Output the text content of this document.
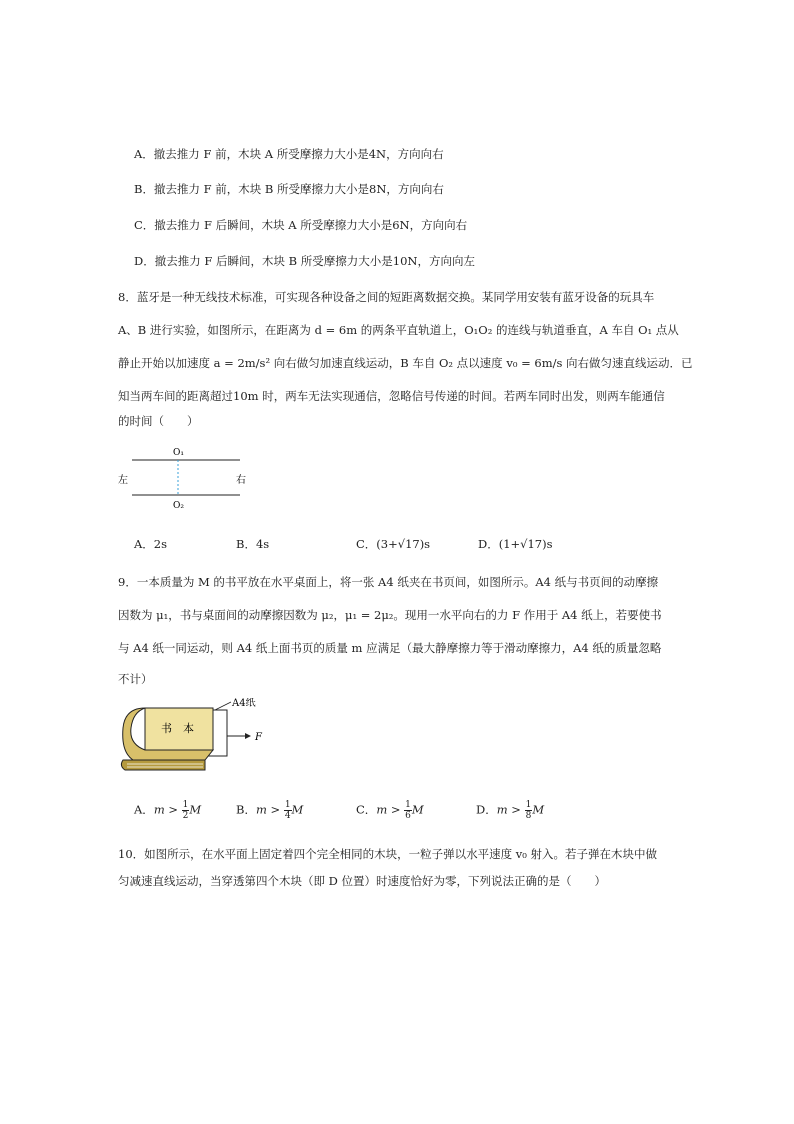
A．撤去推力 F 前，木块 A 所受摩擦力大小是4N，方向向右
B．撤去推力 F 前，木块 B 所受摩擦力大小是8N，方向向右
C．撤去推力 F 后瞬间，木块 A 所受摩擦力大小是6N，方向向右
D．撤去推力 F 后瞬间，木块 B 所受摩擦力大小是10N，方向向左
8．蓝牙是一种无线技术标准，可实现各种设备之间的短距离数据交换。某同学用安装有蓝牙设备的玩具车
A、B 进行实验，如图所示，在距离为 d = 6m 的两条平直轨道上，O₁O₂ 的连线与轨道垂直，A 车自 O₁ 点从
静止开始以加速度 a = 2m/s² 向右做匀加速直线运动，B 车自 O₂ 点以速度 v₀ = 6m/s 向右做匀速直线运动．已
知当两车间的距离超过10m 时，两车无法实现通信，忽略信号传递的时间。若两车同时出发，则两车能通信
的时间（　　）
O₁
O₂
左	右
A．2s	B．4s	C．(3+√17)s	D．(1+√17)s
9．一本质量为 M 的书平放在水平桌面上，将一张 A4 纸夹在书页间，如图所示。A4 纸与书页间的动摩擦
因数为 μ₁，书与桌面间的动摩擦因数为 μ₂，μ₁ = 2μ₂。现用一水平向右的力 F 作用于 A4 纸上，若要使书
与 A4 纸一同运动，则 A4 纸上面书页的质量 m 应满足（最大静摩擦力等于滑动摩擦力，A4 纸的质量忽略
不计）
书　本
A4纸
F
A．$m > \frac{1}{2}$ M	B．$m > \frac{1}{4}$ M	C．$m > \frac{1}{6}$ M	D．$m > \frac{1}{8}$ M
10．如图所示，在水平面上固定着四个完全相同的木块，一粒子弹以水平速度 v₀ 射入。若子弹在木块中做
匀减速直线运动，当穿透第四个木块（即 D 位置）时速度恰好为零，下列说法正确的是（　　）
